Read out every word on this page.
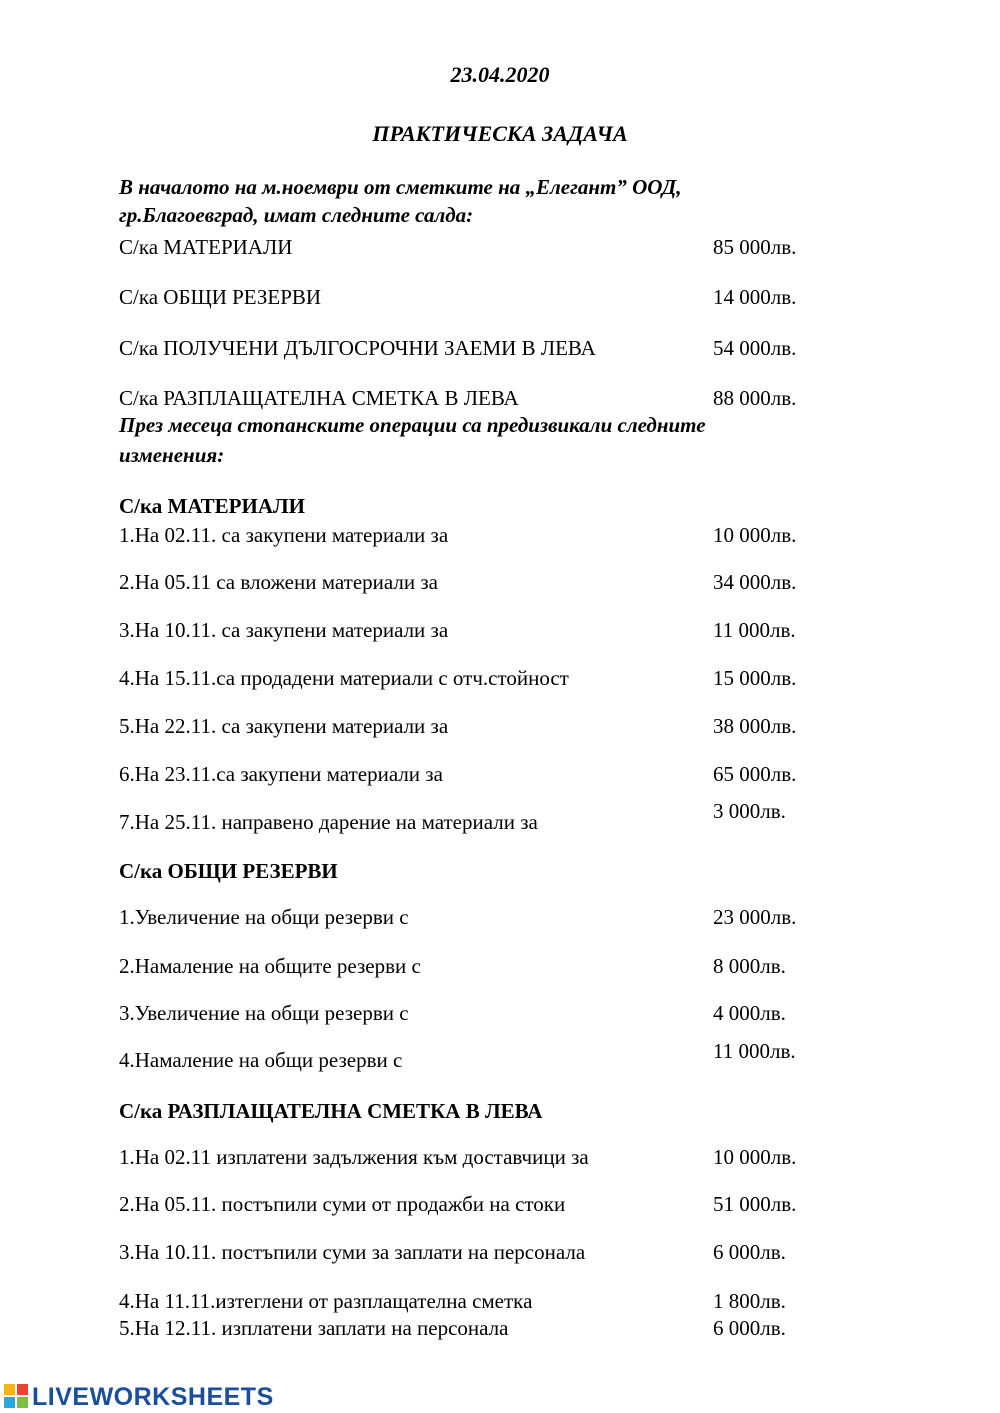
23.04.2020
ПРАКТИЧЕСКА ЗАДАЧА
В началото на м.ноември от сметките на „Елегант” ООД,
гр.Благоевград, имат следните салда:
С/ка МАТЕРИАЛИ	85 000лв.
С/ка ОБЩИ РЕЗЕРВИ	14 000лв.
С/ка ПОЛУЧЕНИ ДЪЛГОСРОЧНИ ЗАЕМИ В ЛЕВА	54 000лв.
С/ка РАЗПЛАЩАТЕЛНА СМЕТКА В ЛЕВА	88 000лв.
През месеца стопанските операции са предизвикали следните
изменения:
С/ка МАТЕРИАЛИ
1.На 02.11. са закупени материали за	10 000лв.
2.На 05.11 са вложени материали за	34 000лв.
3.На 10.11. са закупени материали за	11 000лв.
4.На 15.11.са продадени материали с отч.стойност	15 000лв.
5.На 22.11. са закупени материали за	38 000лв.
6.На 23.11.са закупени материали за	65 000лв.
7.На 25.11. направено дарение на материали за	3 000лв.
С/ка ОБЩИ РЕЗЕРВИ
1.Увеличение на общи резерви с	23 000лв.
2.Намаление на общите резерви с	8 000лв.
3.Увеличение на общи резерви с	4 000лв.
4.Намаление на общи резерви с	11 000лв.
С/ка РАЗПЛАЩАТЕЛНА СМЕТКА В ЛЕВА
1.На 02.11 изплатени задължения към доставчици за	10 000лв.
2.На 05.11. постъпили суми от продажби на стоки	51 000лв.
3.На 10.11. постъпили суми за заплати на персонала	6 000лв.
4.На 11.11.изтеглени от разплащателна сметка	1 800лв.
5.На 12.11. изплатени заплати на персонала	6 000лв.
LIVEWORKSHEETS
